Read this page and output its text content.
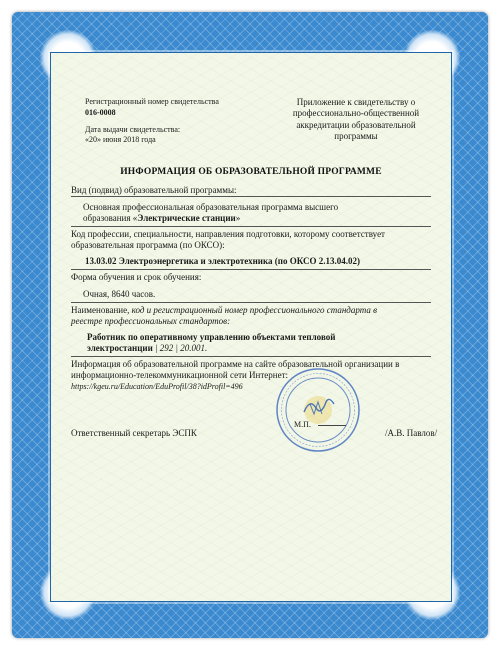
Регистрационный номер свидетельства
016-0008
Дата выдачи свидетельства:
«20» июня 2018 года
Приложение к свидетельству о
профессионально-общественной
аккредитации образовательной
программы
ИНФОРМАЦИЯ ОБ ОБРАЗОВАТЕЛЬНОЙ ПРОГРАММЕ
Вид (подвид) образовательной программы:
Основная профессиональная образовательная программа высшего
образования «Электрические станции»
Код профессии, специальности, направления подготовки, которому соответствует
образовательная программа (по ОКСО):
13.03.02 Электроэнергетика и электротехника (по ОКСО 2.13.04.02)
Форма обучения и срок обучения:
Очная, 8640 часов.
Наименование, код и регистрационный номер профессионального стандарта в
реестре профессиональных стандартов:
Работник по оперативному управлению объектами тепловой
электростанции | 292 | 20.001.
Информация об образовательной программе на сайте образовательной организации в
информационно-телекоммуникационной сети Интернет:
https://kgeu.ru/Education/EduProfil/38?idProfil=496
Ответственный секретарь ЭСПК	/А.В. Павлов/
М.П.
